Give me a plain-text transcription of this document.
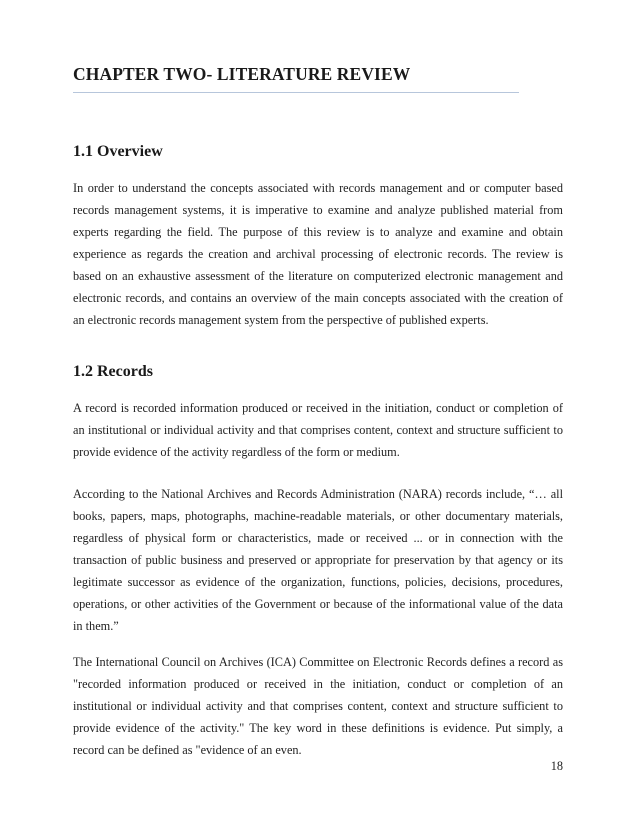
CHAPTER TWO- LITERATURE REVIEW
1.1 Overview

In order to understand the concepts associated with records management and or computer based records management systems, it is imperative to examine and analyze published material from experts regarding the field. The purpose of this review is to analyze and examine and obtain experience as regards the creation and archival processing of electronic records. The review is based on an exhaustive assessment of the literature on computerized electronic management and electronic records, and contains an overview of the main concepts associated with the creation of an electronic records management system from the perspective of published experts.

1.2 Records

A record is recorded information produced or received in the initiation, conduct or completion of an institutional or individual activity and that comprises content, context and structure sufficient to provide evidence of the activity regardless of the form or medium.

According to the National Archives and Records Administration (NARA) records include, “… all books, papers, maps, photographs, machine-readable materials, or other documentary materials, regardless of physical form or characteristics, made or received ... or in connection with the transaction of public business and preserved or appropriate for preservation by that agency or its legitimate successor as evidence of the organization, functions, policies, decisions, procedures, operations, or other activities of the Government or because of the informational value of the data in them.”

The International Council on Archives (ICA) Committee on Electronic Records defines a record as "recorded information produced or received in the initiation, conduct or completion of an institutional or individual activity and that comprises content, context and structure sufficient to provide evidence of the activity." The key word in these definitions is evidence. Put simply, a record can be defined as "evidence of an even.

18
